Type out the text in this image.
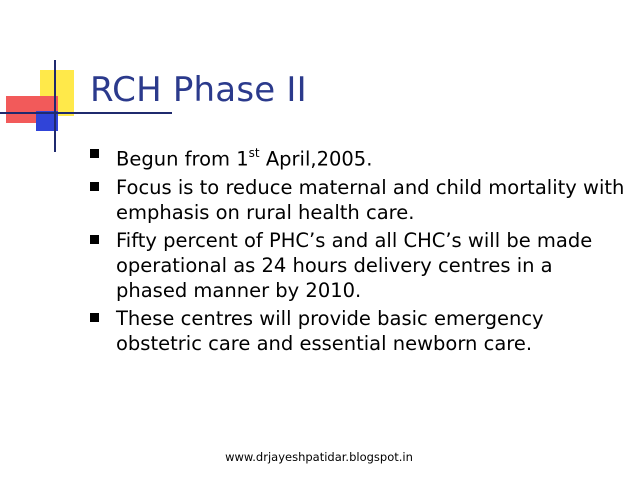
RCH Phase II
Begun from 1st April,2005.
Focus is to reduce maternal and child mortality with emphasis on rural health care.
Fifty percent of PHC’s and all CHC’s will be made operational as 24 hours delivery centres in a phased manner by 2010.
These centres will provide basic emergency obstetric care and essential newborn care.
www.drjayeshpatidar.blogspot.in
